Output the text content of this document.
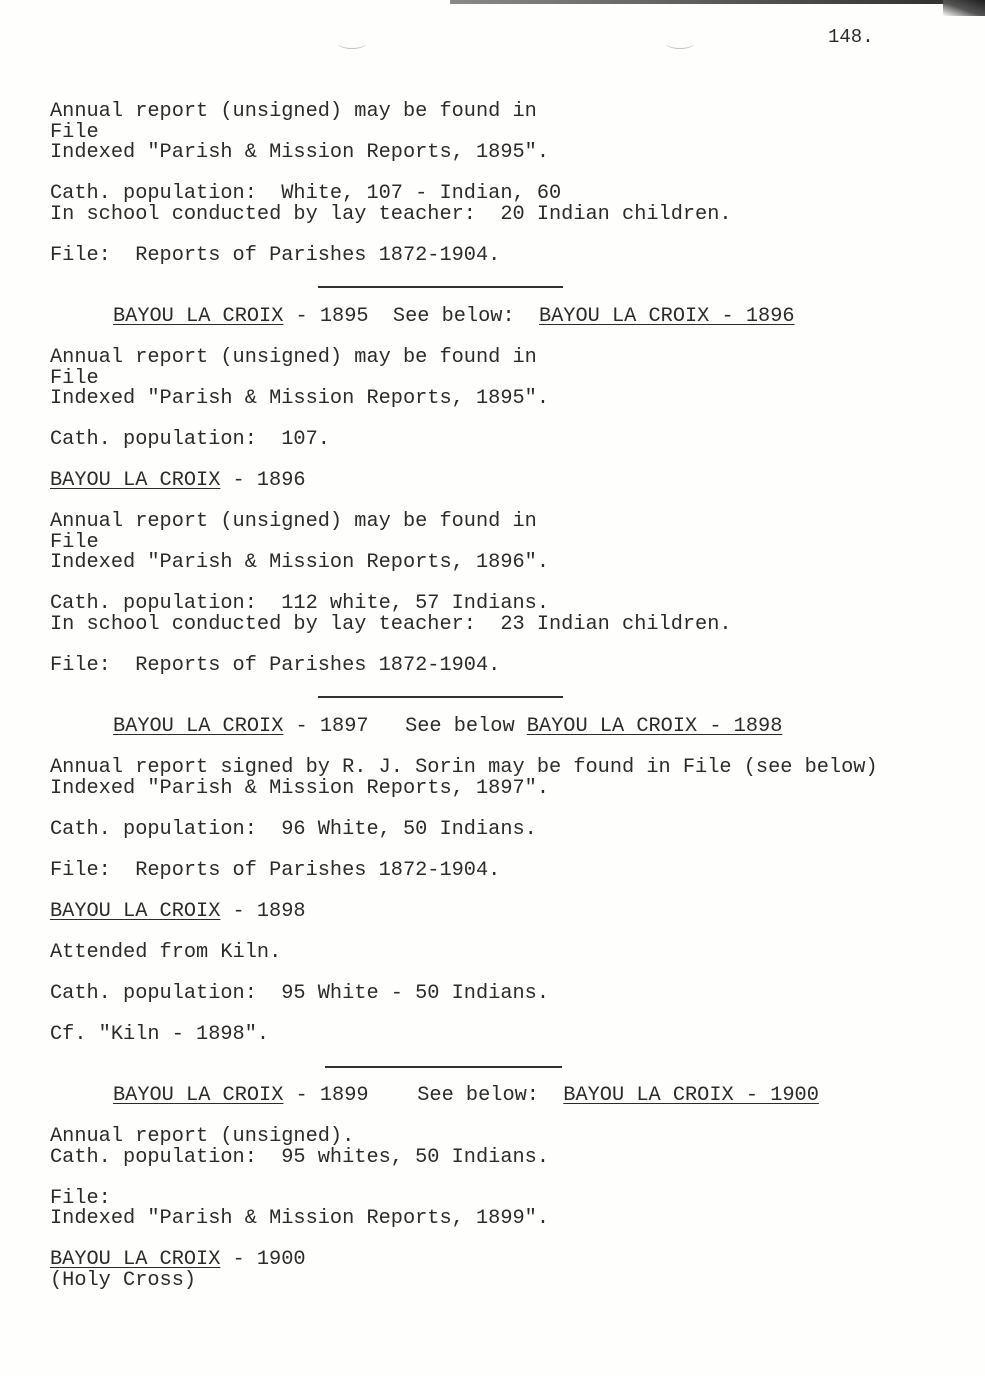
148.
Annual report (unsigned) may be found in
File
Indexed "Parish & Mission Reports, 1895".
Cath. population:  White, 107 - Indian, 60
In school conducted by lay teacher:  20 Indian children.
File:  Reports of Parishes 1872-1904.
BAYOU LA CROIX - 1895 See below: BAYOU LA CROIX - 1896
Annual report (unsigned) may be found in
File
Indexed "Parish & Mission Reports, 1895".
Cath. population:  107.
BAYOU LA CROIX - 1896
Annual report (unsigned) may be found in
File
Indexed "Parish & Mission Reports, 1896".
Cath. population:  112 white, 57 Indians.
In school conducted by lay teacher:  23 Indian children.
File:  Reports of Parishes 1872-1904.
BAYOU LA CROIX - 1897 See below BAYOU LA CROIX - 1898
Annual report signed by R. J. Sorin may be found in File (see below)
Indexed "Parish & Mission Reports, 1897".
Cath. population:  96 White, 50 Indians.
File:  Reports of Parishes 1872-1904.
BAYOU LA CROIX - 1898
Attended from Kiln.
Cath. population:  95 White - 50 Indians.
Cf. "Kiln - 1898".
BAYOU LA CROIX - 1899 See below: BAYOU LA CROIX - 1900
Annual report (unsigned).
Cath. population:  95 whites, 50 Indians.
File:
Indexed "Parish & Mission Reports, 1899".
BAYOU LA CROIX - 1900
(Holy Cross)
